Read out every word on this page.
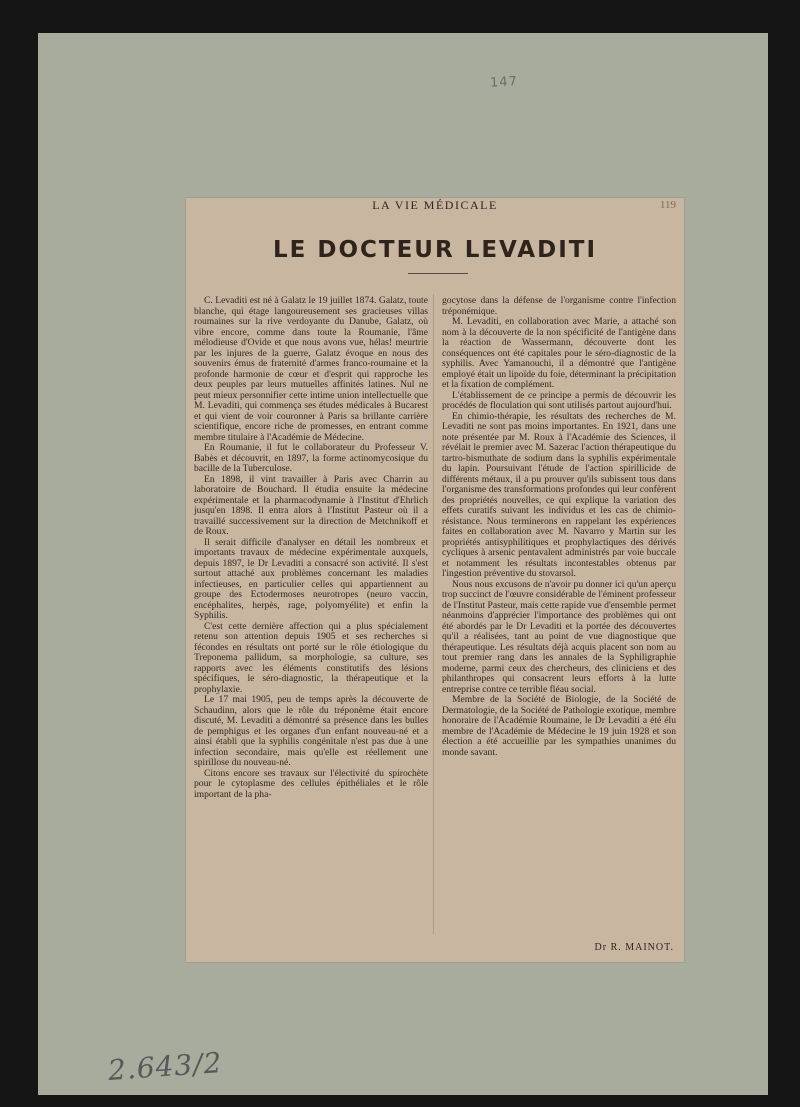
147
LA VIE MÉDICALE	119
LE DOCTEUR LEVADITI

C. Levaditi est né à Galatz le 19 juillet 1874. Galatz, toute blanche, qui étage langoureusement ses gracieuses villas roumaines sur la rive verdoyante du Danube, Galatz, où vibre encore, comme dans toute la Roumanie, l'âme mélodieuse d'Ovide et que nous avons vue, hélas! meurtrie par les injures de la guerre, Galatz évoque en nous des souvenirs émus de fraternité d'armes franco-roumaine et la profonde harmonie de cœur et d'esprit qui rapproche les deux peuples par leurs mutuelles affinités latines. Nul ne peut mieux personnifier cette intime union intellectuelle que M. Levaditi, qui commença ses études médicales à Bucarest et qui vient de voir couronner à Paris sa brillante carrière scientifique, encore riche de promesses, en entrant comme membre titulaire à l'Académie de Médecine.

En Roumanie, il fut le collaborateur du Professeur V. Babès et découvrit, en 1897, la forme actinomycosique du bacille de la Tuberculose.

En 1898, il vint travailler à Paris avec Charrin au laboratoire de Bouchard. Il étudia ensuite la médecine expérimentale et la pharmacodynamie à l'Institut d'Ehrlich jusqu'en 1898. Il entra alors à l'Institut Pasteur où il a travaillé successivement sur la direction de Metchnikoff et de Roux.

Il serait difficile d'analyser en détail les nombreux et importants travaux de médecine expérimentale auxquels, depuis 1897, le Dr Levaditi a consacré son activité. Il s'est surtout attaché aux problèmes concernant les maladies infectieuses, en particulier celles qui appartiennent au groupe des Ectodermoses neurotropes (neuro vaccin, encéphalites, herpès, rage, polyomyélite) et enfin la Syphilis.

C'est cette dernière affection qui a plus spécialement retenu son attention depuis 1905 et ses recherches si fécondes en résultats ont porté sur le rôle étiologique du Treponema pallidum, sa morphologie, sa culture, ses rapports avec les éléments constitutifs des lésions spécifiques, le séro-diagnostic, la thérapeutique et la prophylaxie.

Le 17 mai 1905, peu de temps après la découverte de Schaudinn, alors que le rôle du tréponème était encore discuté, M. Levaditi a démontré sa présence dans les bulles de pemphigus et les organes d'un enfant nouveau-né et a ainsi établi que la syphilis congénitale n'est pas due à une infection secondaire, mais qu'elle est réellement une spirillose du nouveau-né.

Citons encore ses travaux sur l'électivité du spirochète pour le cytoplasme des cellules épithéliales et le rôle important de la pha-

gocytose dans la défense de l'organisme contre l'infection tréponémique.

M. Levaditi, en collaboration avec Marie, a attaché son nom à la découverte de la non spécificité de l'antigène dans la réaction de Wassermann, découverte dont les conséquences ont été capitales pour le séro-diagnostic de la syphilis. Avec Yamanouchi, il a démontré que l'antigène employé était un lipoïde du foie, déterminant la précipitation et la fixation de complément.

L'établissement de ce principe a permis de découvrir les procédés de floculation qui sont utilisés partout aujourd'hui.

En chimio-thérapie, les résultats des recherches de M. Levaditi ne sont pas moins importantes. En 1921, dans une note présentée par M. Roux à l'Académie des Sciences, il révélait le premier avec M. Sazerac l'action thérapeutique du tartro-bismuthate de sodium dans la syphilis expérimentale du lapin. Poursuivant l'étude de l'action spirillicide de différents métaux, il a pu prouver qu'ils subissent tous dans l'organisme des transformations profondes qui leur confèrent des propriétés nouvelles, ce qui explique la variation des effets curatifs suivant les individus et les cas de chimio-résistance. Nous terminerons en rappelant les expériences faites en collaboration avec M. Navarro y Martin sur les propriétés antisyphilitiques et prophylactiques des dérivés cycliques à arsenic pentavalent administrés par voie buccale et notamment les résultats incontestables obtenus par l'ingestion préventive du stovarsol.

Nous nous excusons de n'avoir pu donner ici qu'un aperçu trop succinct de l'œuvre considérable de l'éminent professeur de l'Institut Pasteur, mais cette rapide vue d'ensemble permet néanmoins d'apprécier l'importance des problèmes qui ont été abordés par le Dr Levaditi et la portée des découvertes qu'il a réalisées, tant au point de vue diagnostique que thérapeutique. Les résultats déjà acquis placent son nom au tout premier rang dans les annales de la Syphiligraphie moderne, parmi ceux des chercheurs, des cliniciens et des philanthropes qui consacrent leurs efforts à la lutte entreprise contre ce terrible fléau social.

Membre de la Société de Biologie, de la Société de Dermatologie, de la Société de Pathologie exotique, membre honoraire de l'Académie Roumaine, le Dr Levaditi a été élu membre de l'Académie de Médecine le 19 juin 1928 et son élection a été accueillie par les sympathies unanimes du monde savant.

Dr R. MAINOT.
2.643/2
